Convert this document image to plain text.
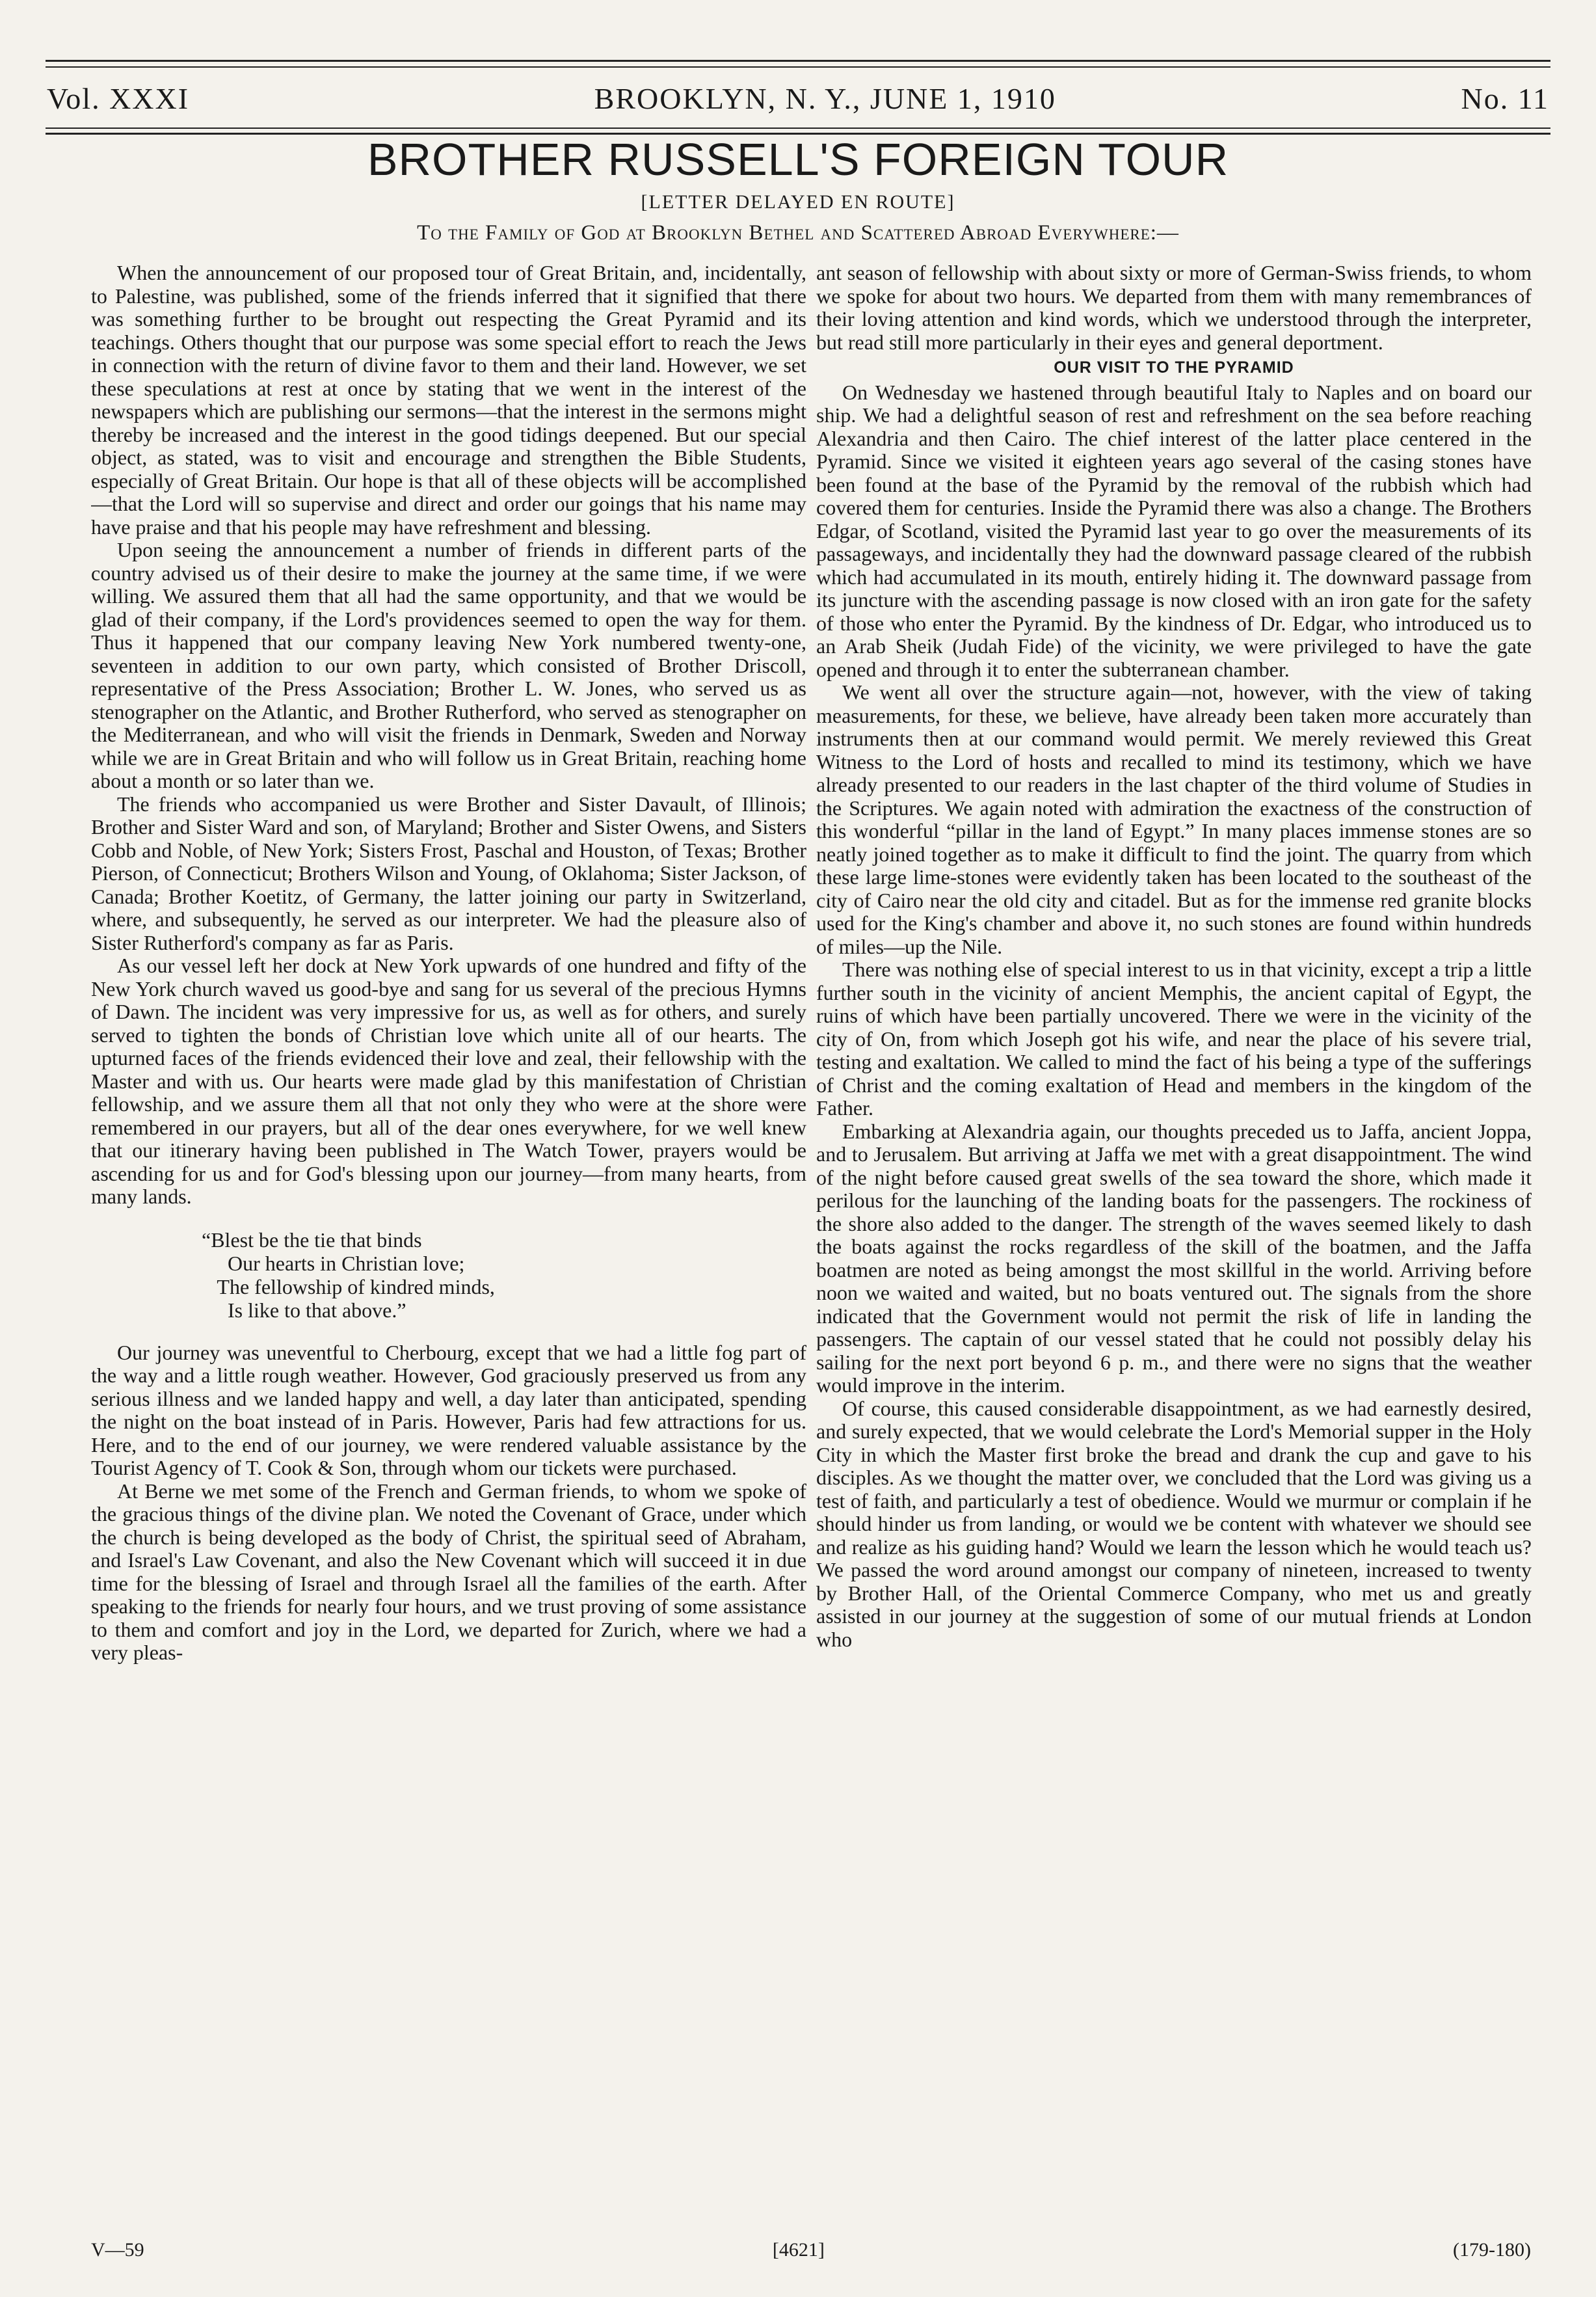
Vol. XXXI	BROOKLYN, N. Y., JUNE 1, 1910	No. 11
BROTHER RUSSELL'S FOREIGN TOUR
[LETTER DELAYED EN ROUTE]
To the Family of God at Brooklyn Bethel and Scattered Abroad Everywhere:—

When the announcement of our proposed tour of Great Britain, and, incidentally, to Palestine, was published, some of the friends inferred that it signified that there was something further to be brought out respecting the Great Pyramid and its teachings. Others thought that our purpose was some special effort to reach the Jews in connection with the return of divine favor to them and their land. However, we set these speculations at rest at once by stating that we went in the interest of the newspapers which are publishing our sermons—that the interest in the sermons might thereby be increased and the interest in the good tidings deepened. But our special object, as stated, was to visit and encourage and strengthen the Bible Students, especially of Great Britain. Our hope is that all of these objects will be accomplished—that the Lord will so supervise and direct and order our goings that his name may have praise and that his people may have refreshment and blessing.

Upon seeing the announcement a number of friends in different parts of the country advised us of their desire to make the journey at the same time, if we were willing. We assured them that all had the same opportunity, and that we would be glad of their company, if the Lord's providences seemed to open the way for them. Thus it happened that our company leaving New York numbered twenty-one, seventeen in addition to our own party, which consisted of Brother Driscoll, representative of the Press Association; Brother L. W. Jones, who served us as stenographer on the Atlantic, and Brother Rutherford, who served as stenographer on the Mediterranean, and who will visit the friends in Denmark, Sweden and Norway while we are in Great Britain and who will follow us in Great Britain, reaching home about a month or so later than we.

The friends who accompanied us were Brother and Sister Davault, of Illinois; Brother and Sister Ward and son, of Maryland; Brother and Sister Owens, and Sisters Cobb and Noble, of New York; Sisters Frost, Paschal and Houston, of Texas; Brother Pierson, of Connecticut; Brothers Wilson and Young, of Oklahoma; Sister Jackson, of Canada; Brother Koetitz, of Germany, the latter joining our party in Switzerland, where, and subsequently, he served as our interpreter. We had the pleasure also of Sister Rutherford's company as far as Paris.

As our vessel left her dock at New York upwards of one hundred and fifty of the New York church waved us good-bye and sang for us several of the precious Hymns of Dawn. The incident was very impressive for us, as well as for others, and surely served to tighten the bonds of Christian love which unite all of our hearts. The upturned faces of the friends evidenced their love and zeal, their fellowship with the Master and with us. Our hearts were made glad by this manifestation of Christian fellowship, and we assure them all that not only they who were at the shore were remembered in our prayers, but all of the dear ones everywhere, for we well knew that our itinerary having been published in The Watch Tower, prayers would be ascending for us and for God's blessing upon our journey—from many hearts, from many lands.

“Blest be the tie that binds
Our hearts in Christian love;
The fellowship of kindred minds,
Is like to that above.”

Our journey was uneventful to Cherbourg, except that we had a little fog part of the way and a little rough weather. However, God graciously preserved us from any serious illness and we landed happy and well, a day later than anticipated, spending the night on the boat instead of in Paris. However, Paris had few attractions for us. Here, and to the end of our journey, we were rendered valuable assistance by the Tourist Agency of T. Cook & Son, through whom our tickets were purchased.

At Berne we met some of the French and German friends, to whom we spoke of the gracious things of the divine plan. We noted the Covenant of Grace, under which the church is being developed as the body of Christ, the spiritual seed of Abraham, and Israel's Law Covenant, and also the New Covenant which will succeed it in due time for the blessing of Israel and through Israel all the families of the earth. After speaking to the friends for nearly four hours, and we trust proving of some assistance to them and comfort and joy in the Lord, we departed for Zurich, where we had a very pleas-

ant season of fellowship with about sixty or more of German-Swiss friends, to whom we spoke for about two hours. We departed from them with many remembrances of their loving attention and kind words, which we understood through the interpreter, but read still more particularly in their eyes and general deportment.

OUR VISIT TO THE PYRAMID

On Wednesday we hastened through beautiful Italy to Naples and on board our ship. We had a delightful season of rest and refreshment on the sea before reaching Alexandria and then Cairo. The chief interest of the latter place centered in the Pyramid. Since we visited it eighteen years ago several of the casing stones have been found at the base of the Pyramid by the removal of the rubbish which had covered them for centuries. Inside the Pyramid there was also a change. The Brothers Edgar, of Scotland, visited the Pyramid last year to go over the measurements of its passageways, and incidentally they had the downward passage cleared of the rubbish which had accumulated in its mouth, entirely hiding it. The downward passage from its juncture with the ascending passage is now closed with an iron gate for the safety of those who enter the Pyramid. By the kindness of Dr. Edgar, who introduced us to an Arab Sheik (Judah Fide) of the vicinity, we were privileged to have the gate opened and through it to enter the subterranean chamber.

We went all over the structure again—not, however, with the view of taking measurements, for these, we believe, have already been taken more accurately than instruments then at our command would permit. We merely reviewed this Great Witness to the Lord of hosts and recalled to mind its testimony, which we have already presented to our readers in the last chapter of the third volume of Studies in the Scriptures. We again noted with admiration the exactness of the construction of this wonderful “pillar in the land of Egypt.” In many places immense stones are so neatly joined together as to make it difficult to find the joint. The quarry from which these large lime-stones were evidently taken has been located to the southeast of the city of Cairo near the old city and citadel. But as for the immense red granite blocks used for the King's chamber and above it, no such stones are found within hundreds of miles—up the Nile.

There was nothing else of special interest to us in that vicinity, except a trip a little further south in the vicinity of ancient Memphis, the ancient capital of Egypt, the ruins of which have been partially uncovered. There we were in the vicinity of the city of On, from which Joseph got his wife, and near the place of his severe trial, testing and exaltation. We called to mind the fact of his being a type of the sufferings of Christ and the coming exaltation of Head and members in the kingdom of the Father.

Embarking at Alexandria again, our thoughts preceded us to Jaffa, ancient Joppa, and to Jerusalem. But arriving at Jaffa we met with a great disappointment. The wind of the night before caused great swells of the sea toward the shore, which made it perilous for the launching of the landing boats for the passengers. The rockiness of the shore also added to the danger. The strength of the waves seemed likely to dash the boats against the rocks regardless of the skill of the boatmen, and the Jaffa boatmen are noted as being amongst the most skillful in the world. Arriving before noon we waited and waited, but no boats ventured out. The signals from the shore indicated that the Government would not permit the risk of life in landing the passengers. The captain of our vessel stated that he could not possibly delay his sailing for the next port beyond 6 p. m., and there were no signs that the weather would improve in the interim.

Of course, this caused considerable disappointment, as we had earnestly desired, and surely expected, that we would celebrate the Lord's Memorial supper in the Holy City in which the Master first broke the bread and drank the cup and gave to his disciples. As we thought the matter over, we concluded that the Lord was giving us a test of faith, and particularly a test of obedience. Would we murmur or complain if he should hinder us from landing, or would we be content with whatever we should see and realize as his guiding hand? Would we learn the lesson which he would teach us? We passed the word around amongst our company of nineteen, increased to twenty by Brother Hall, of the Oriental Commerce Company, who met us and greatly assisted in our journey at the suggestion of some of our mutual friends at London who

V—59	[4621]	(179-180)
